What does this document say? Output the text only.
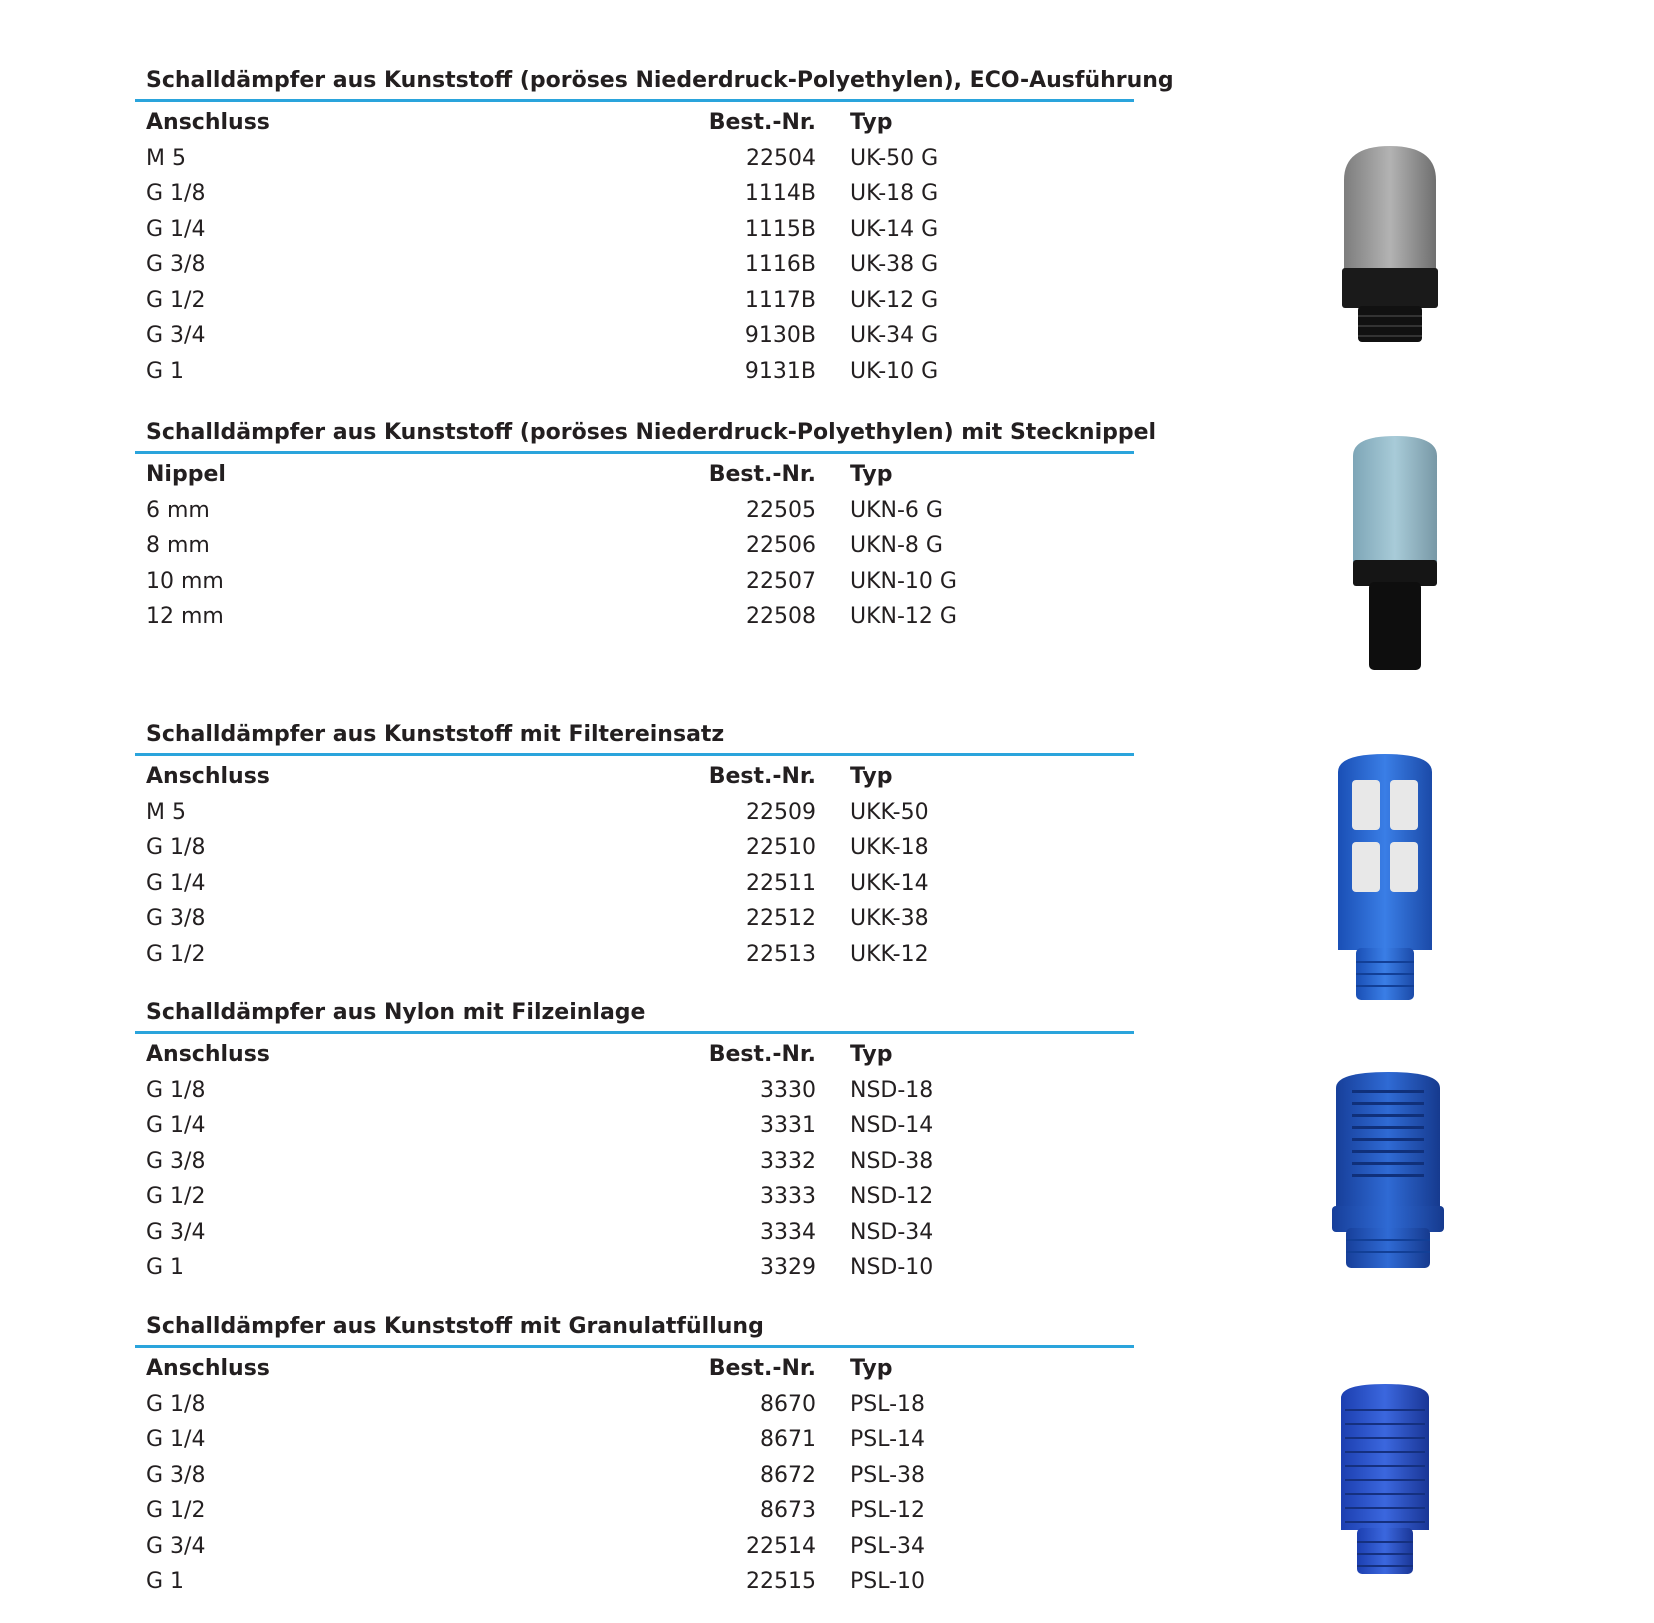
Schalldämpfer aus Kunststoff (poröses Niederdruck-Polyethylen), ECO-Ausführung
Anschluss	Best.-Nr. Typ
M 5	22504 UK-50 G
G 1/8	1114B UK-18 G
G 1/4	1115B UK-14 G
G 3/8	1116B UK-38 G
G 1/2	1117B UK-12 G
G 3/4	9130B UK-34 G
G 1	9131B UK-10 G
Schalldämpfer aus Kunststoff (poröses Niederdruck-Polyethylen) mit Stecknippel
Nippel	Best.-Nr. Typ
6 mm	22505 UKN-6 G
8 mm	22506 UKN-8 G
10 mm	22507 UKN-10 G
12 mm	22508 UKN-12 G
Schalldämpfer aus Kunststoff mit Filtereinsatz
Anschluss	Best.-Nr. Typ
M 5	22509 UKK-50
G 1/8	22510 UKK-18
G 1/4	22511 UKK-14
G 3/8	22512 UKK-38
G 1/2	22513 UKK-12
Schalldämpfer aus Nylon mit Filzeinlage
Anschluss	Best.-Nr. Typ
G 1/8	3330 NSD-18
G 1/4	3331 NSD-14
G 3/8	3332 NSD-38
G 1/2	3333 NSD-12
G 3/4	3334 NSD-34
G 1	3329 NSD-10
Schalldämpfer aus Kunststoff mit Granulatfüllung
Anschluss	Best.-Nr. Typ
G 1/8	8670 PSL-18
G 1/4	8671 PSL-14
G 3/8	8672 PSL-38
G 1/2	8673 PSL-12
G 3/4	22514 PSL-34
G 1	22515 PSL-10
